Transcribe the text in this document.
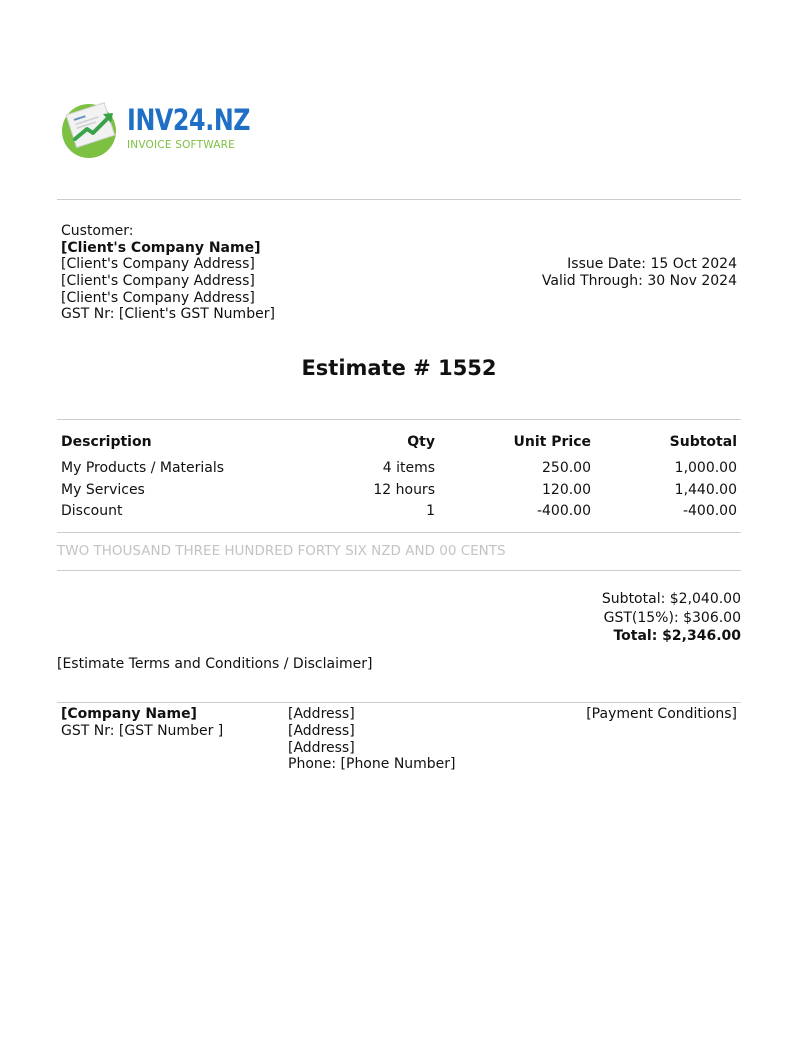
INV24.NZ
INVOICE SOFTWARE
Customer:
[Client's Company Name]
[Client's Company Address]
[Client's Company Address]
[Client's Company Address]
GST Nr: [Client's GST Number]
Issue Date: 15 Oct 2024
Valid Through: 30 Nov 2024
Estimate # 1552
Description	Qty	Unit Price	Subtotal
My Products / Materials	4 items	250.00	1,000.00
My Services	12 hours	120.00	1,440.00
Discount	1	-400.00	-400.00
TWO THOUSAND THREE HUNDRED FORTY SIX NZD AND 00 CENTS
Subtotal: $2,040.00
GST(15%): $306.00
Total: $2,346.00
[Estimate Terms and Conditions / Disclaimer]
[Company Name]
GST Nr: [GST Number ]
[Address]
[Address]
[Address]
Phone: [Phone Number]
[Payment Conditions]
